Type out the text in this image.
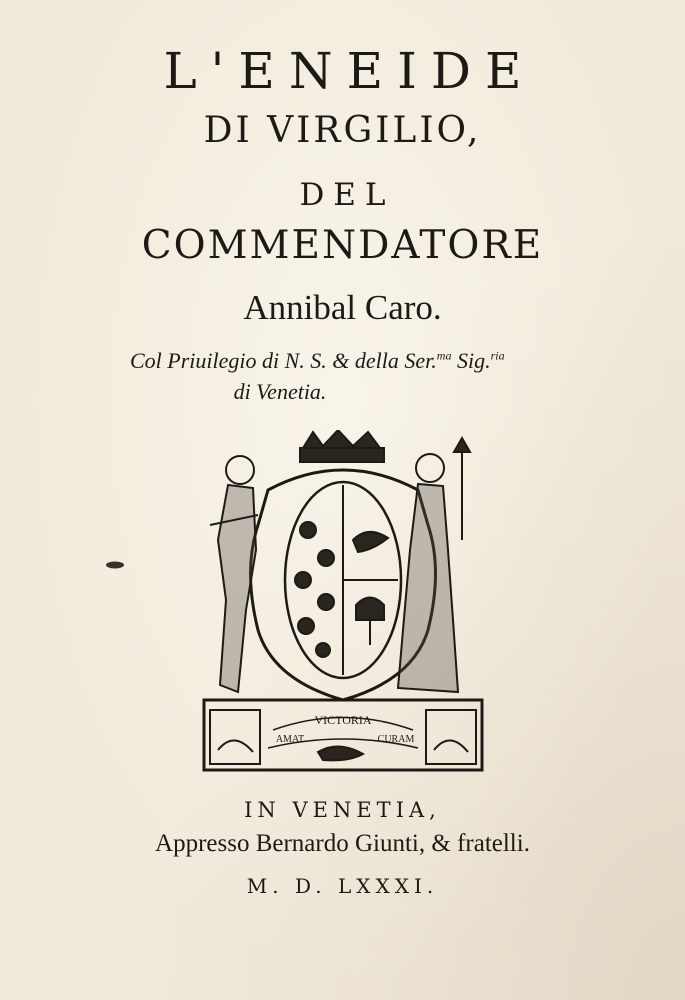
L'ENEIDE
DI VIRGILIO,
DEL
COMMENDATORE
Annibal Caro.
Col Priuilegio di N. S. & della Ser.$^{ma}$ Sig.$^{ria}$
di Venetia.
VICTORIA
AMAT	CURAM
IN VENETIA,
Appresso Bernardo Giunti, & fratelli.
M. D. LXXXI.
